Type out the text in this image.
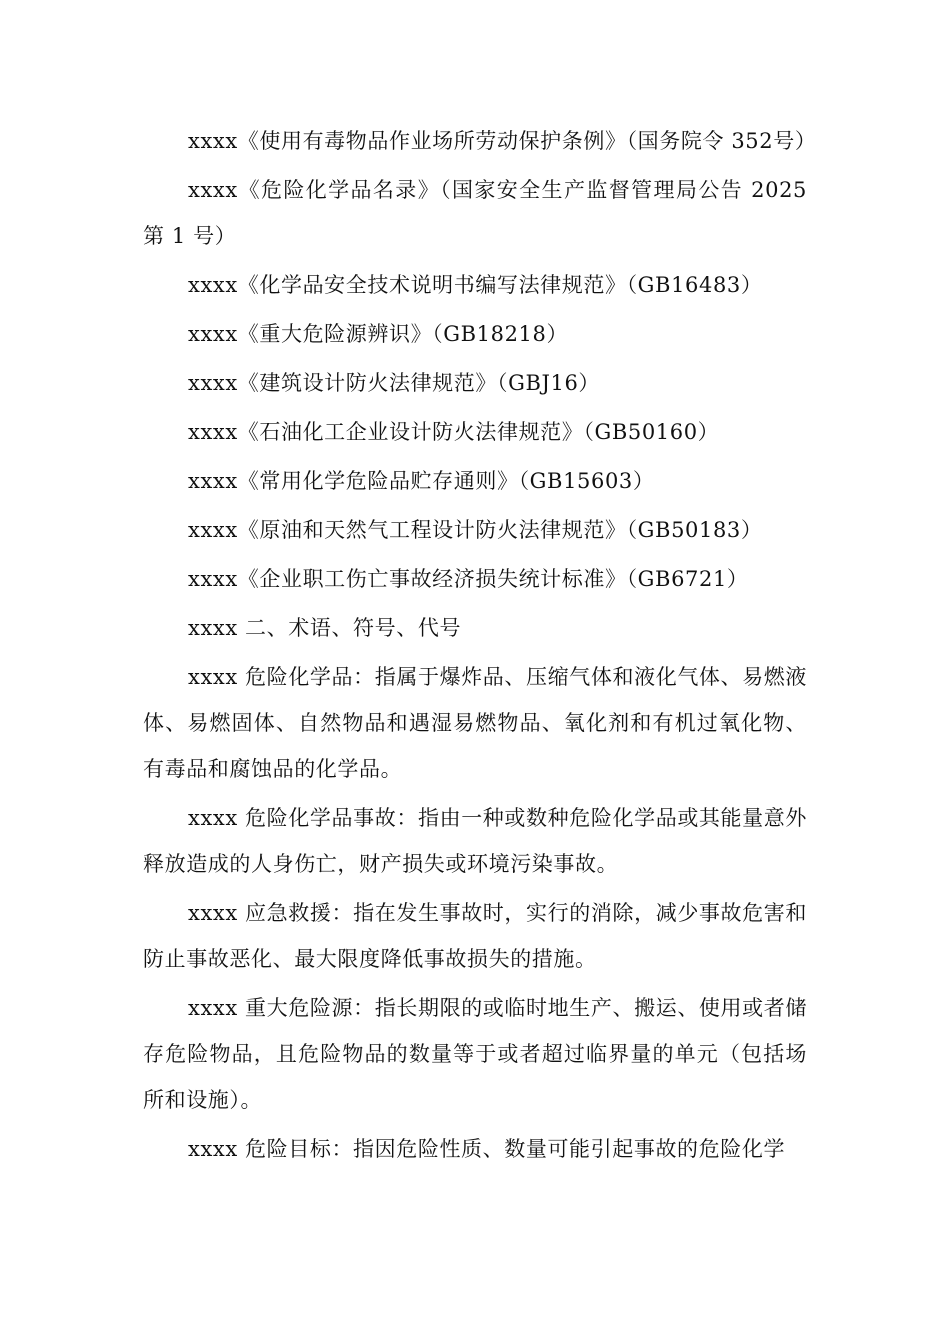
xxxx《使用有毒物品作业场所劳动保护条例》（国务院令 352号）

xxxx《危险化学品名录》（国家安全生产监督管理局公告 2025 第 1 号）

xxxx《化学品安全技术说明书编写法律规范》（GB16483）

xxxx《重大危险源辨识》（GB18218）

xxxx《建筑设计防火法律规范》（GBJ16）

xxxx《石油化工企业设计防火法律规范》（GB50160）

xxxx《常用化学危险品贮存通则》（GB15603）

xxxx《原油和天然气工程设计防火法律规范》（GB50183）

xxxx《企业职工伤亡事故经济损失统计标准》（GB6721）

xxxx 二、术语、符号、代号

xxxx 危险化学品：指属于爆炸品、压缩气体和液化气体、易燃液体、易燃固体、自然物品和遇湿易燃物品、氧化剂和有机过氧化物、有毒品和腐蚀品的化学品。

xxxx 危险化学品事故：指由一种或数种危险化学品或其能量意外释放造成的人身伤亡，财产损失或环境污染事故。

xxxx 应急救援：指在发生事故时，实行的消除，减少事故危害和防止事故恶化、最大限度降低事故损失的措施。

xxxx 重大危险源：指长期限的或临时地生产、搬运、使用或者储存危险物品，且危险物品的数量等于或者超过临界量的单元（包括场所和设施）。

xxxx 危险目标：指因危险性质、数量可能引起事故的危险化学
